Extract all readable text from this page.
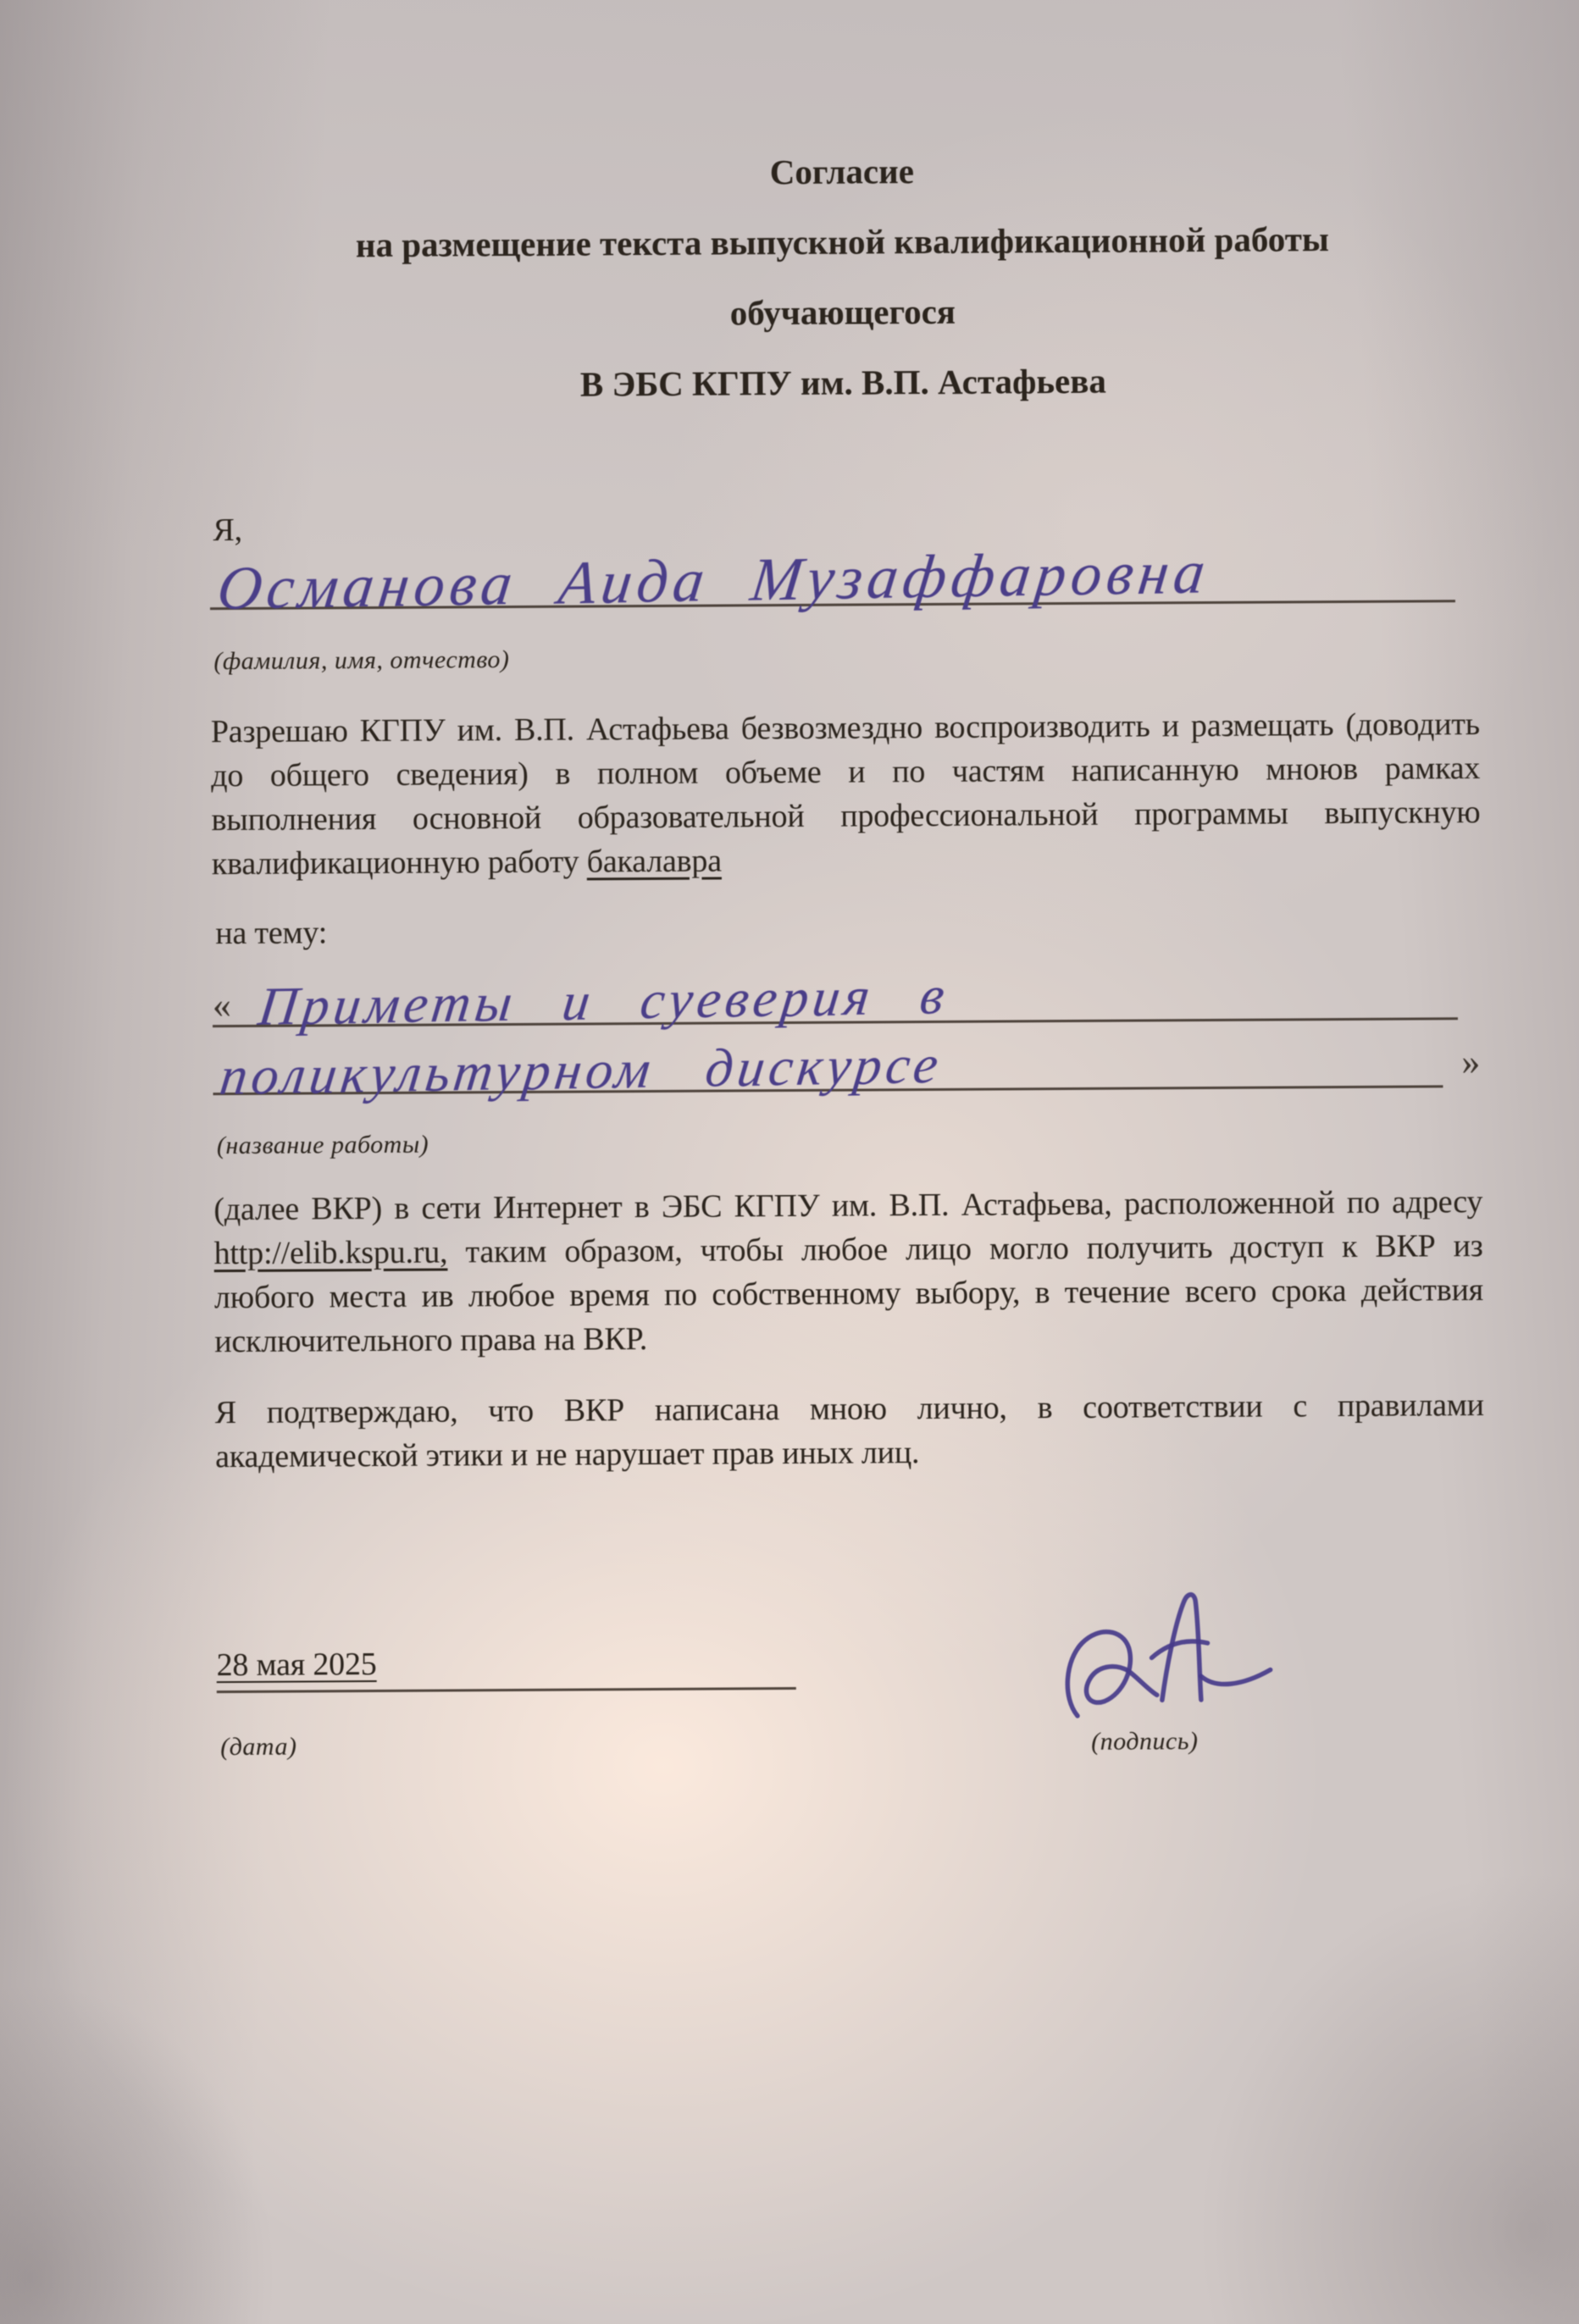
Согласие
на размещение текста выпускной квалификационной работы
обучающегося
В ЭБС КГПУ им. В.П. Астафьева
Я,
Османова Аида Музаффаровна
(фамилия, имя, отчество)
Разрешаю КГПУ им. В.П. Астафьева безвозмездно воспроизводить и размещать (доводить
до общего сведения) в полном объеме и по частям написанную мноюв рамках
выполнения основной образовательной профессиональной программы выпускную
квалификационную работу бакалавра
на тему:
« Приметы и суеверия в
поликультурном дискурсе	»
(название работы)
(далее ВКР) в сети Интернет в ЭБС КГПУ им. В.П. Астафьева, расположенной по адресу
http://elib.kspu.ru, таким образом, чтобы любое лицо могло получить доступ к ВКР из
любого места ив любое время по собственному выбору, в течение всего срока действия
исключительного права на ВКР.
Я подтверждаю, что ВКР написана мною лично, в соответствии с правилами
академической этики и не нарушает прав иных лиц.
28 мая 2025
(дата)	(подпись)
